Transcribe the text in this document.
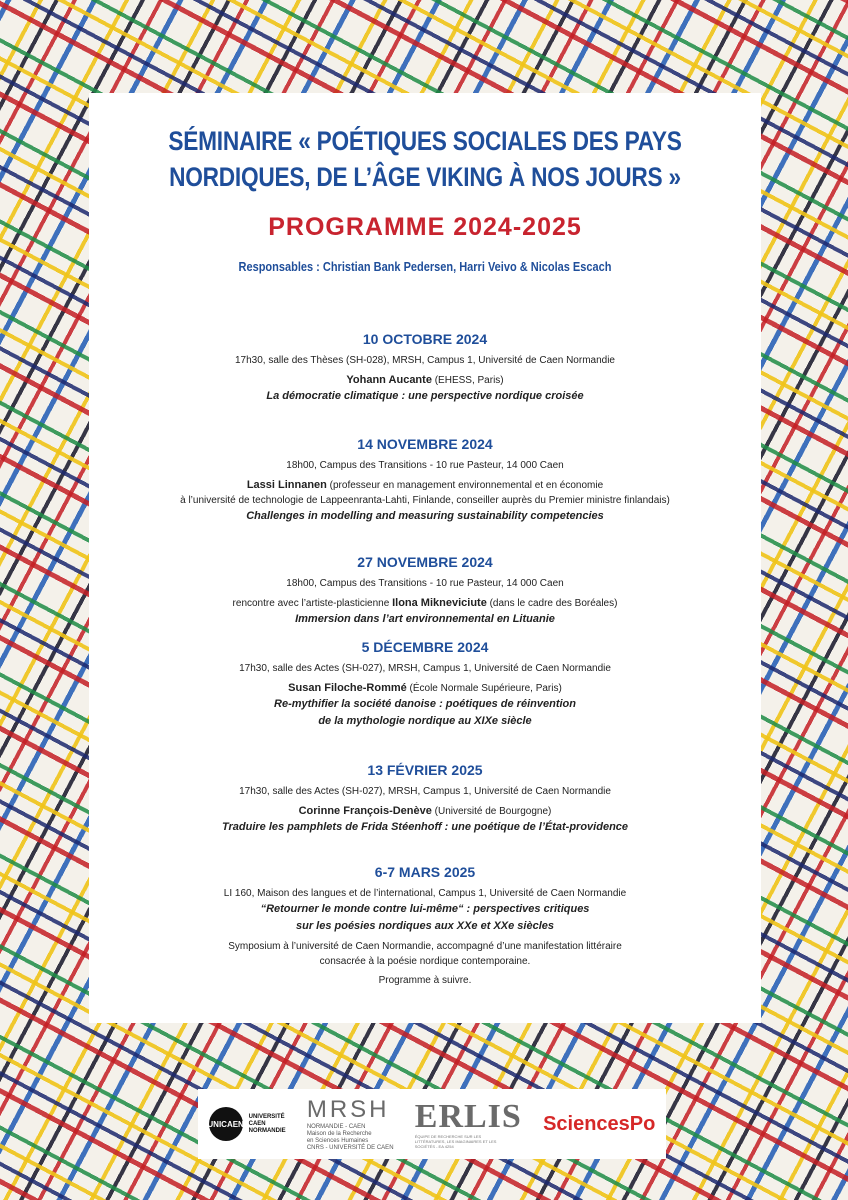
SÉMINAIRE « POÉTIQUES SOCIALES DES PAYS
NORDIQUES, DE L’ÂGE VIKING À NOS JOURS »
PROGRAMME 2024-2025
Responsables : Christian Bank Pedersen, Harri Veivo & Nicolas Escach
10 OCTOBRE 2024
17h30, salle des Thèses (SH-028), MRSH, Campus 1, Université de Caen Normandie
Yohann Aucante (EHESS, Paris)
La démocratie climatique : une perspective nordique croisée
14 NOVEMBRE 2024
18h00, Campus des Transitions - 10 rue Pasteur, 14 000 Caen
Lassi Linnanen (professeur en management environnemental et en économie
à l’université de technologie de Lappeenranta-Lahti, Finlande, conseiller auprès du Premier ministre finlandais)
Challenges in modelling and measuring sustainability competencies
27 NOVEMBRE 2024
18h00, Campus des Transitions - 10 rue Pasteur, 14 000 Caen
rencontre avec l’artiste-plasticienne Ilona Mikneviciute (dans le cadre des Boréales)
Immersion dans l’art environnemental en Lituanie
5 DÉCEMBRE 2024
17h30, salle des Actes (SH-027), MRSH, Campus 1, Université de Caen Normandie
Susan Filoche-Rommé (École Normale Supérieure, Paris)
Re-mythifier la société danoise : poétiques de réinvention
de la mythologie nordique au XIXe siècle
13 FÉVRIER 2025
17h30, salle des Actes (SH-027), MRSH, Campus 1, Université de Caen Normandie
Corinne François-Denève (Université de Bourgogne)
Traduire les pamphlets de Frida Stéenhoff : une poétique de l’État-providence
6-7 MARS 2025
LI 160, Maison des langues et de l’international, Campus 1, Université de Caen Normandie
“Retourner le monde contre lui-même“ : perspectives critiques
sur les poésies nordiques aux XXe et XXe siècles
Symposium à l’université de Caen Normandie, accompagné d’une manifestation littéraire
consacrée à la poésie nordique contemporaine.
Programme à suivre.
UNICAEN
UNIVERSITÉ
CAEN
NORMANDIE
MRSH
NORMANDIE - CAEN
Maison de la Recherche
en Sciences Humaines
CNRS - UNIVERSITÉ DE CAEN
ERLIS
ÉQUIPE DE RECHERCHE SUR LES LITTÉRATURES, LES IMAGINAIRES ET LES SOCIÉTÉS - EA 4254
SciencesPo
